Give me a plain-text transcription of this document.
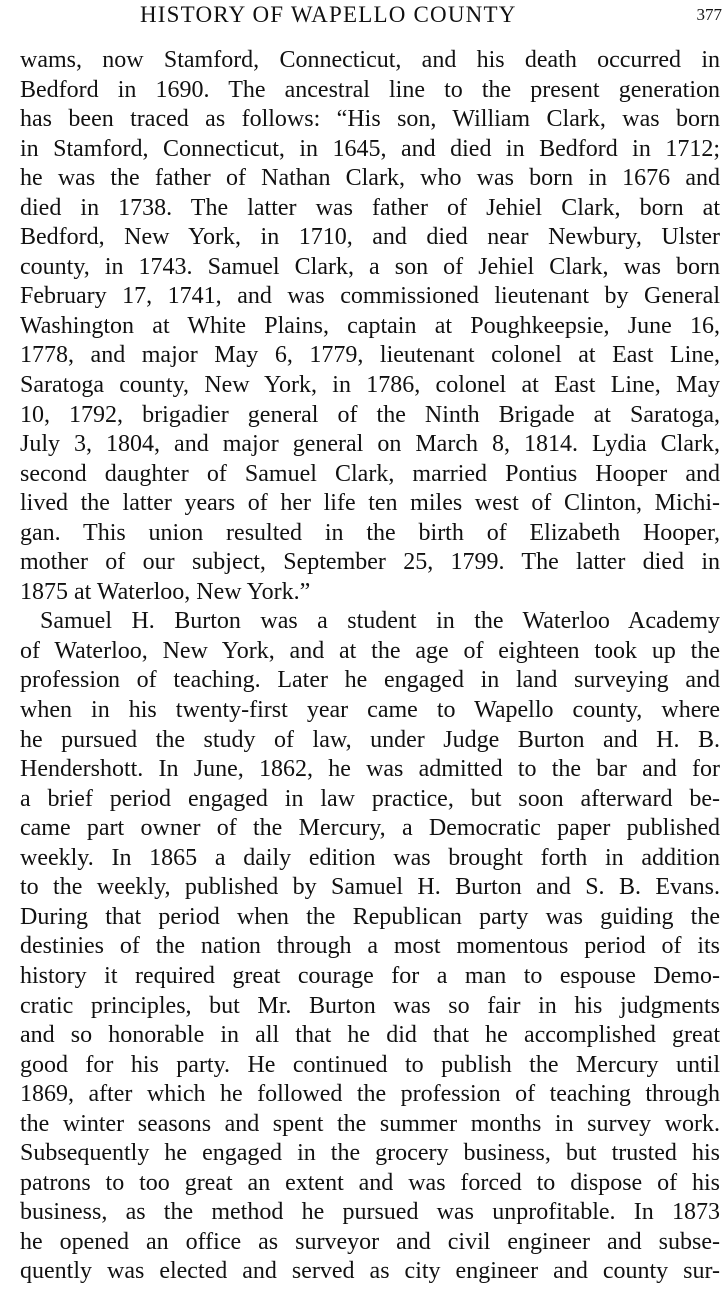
HISTORY OF WAPELLO COUNTY	377
wams, now Stamford, Connecticut, and his death occurred in
Bedford in 1690. The ancestral line to the present generation
has been traced as follows: “His son, William Clark, was born
in Stamford, Connecticut, in 1645, and died in Bedford in 1712;
he was the father of Nathan Clark, who was born in 1676 and
died in 1738. The latter was father of Jehiel Clark, born at
Bedford, New York, in 1710, and died near Newbury, Ulster
county, in 1743. Samuel Clark, a son of Jehiel Clark, was born
February 17, 1741, and was commissioned lieutenant by General
Washington at White Plains, captain at Poughkeepsie, June 16,
1778, and major May 6, 1779, lieutenant colonel at East Line,
Saratoga county, New York, in 1786, colonel at East Line, May
10, 1792, brigadier general of the Ninth Brigade at Saratoga,
July 3, 1804, and major general on March 8, 1814. Lydia Clark,
second daughter of Samuel Clark, married Pontius Hooper and
lived the latter years of her life ten miles west of Clinton, Michi-
gan. This union resulted in the birth of Elizabeth Hooper,
mother of our subject, September 25, 1799. The latter died in
1875 at Waterloo, New York.”
Samuel H. Burton was a student in the Waterloo Academy
of Waterloo, New York, and at the age of eighteen took up the
profession of teaching. Later he engaged in land surveying and
when in his twenty-first year came to Wapello county, where
he pursued the study of law, under Judge Burton and H. B.
Hendershott. In June, 1862, he was admitted to the bar and for
a brief period engaged in law practice, but soon afterward be-
came part owner of the Mercury, a Democratic paper published
weekly. In 1865 a daily edition was brought forth in addition
to the weekly, published by Samuel H. Burton and S. B. Evans.
During that period when the Republican party was guiding the
destinies of the nation through a most momentous period of its
history it required great courage for a man to espouse Demo-
cratic principles, but Mr. Burton was so fair in his judgments
and so honorable in all that he did that he accomplished great
good for his party. He continued to publish the Mercury until
1869, after which he followed the profession of teaching through
the winter seasons and spent the summer months in survey work.
Subsequently he engaged in the grocery business, but trusted his
patrons to too great an extent and was forced to dispose of his
business, as the method he pursued was unprofitable. In 1873
he opened an office as surveyor and civil engineer and subse-
quently was elected and served as city engineer and county sur-
